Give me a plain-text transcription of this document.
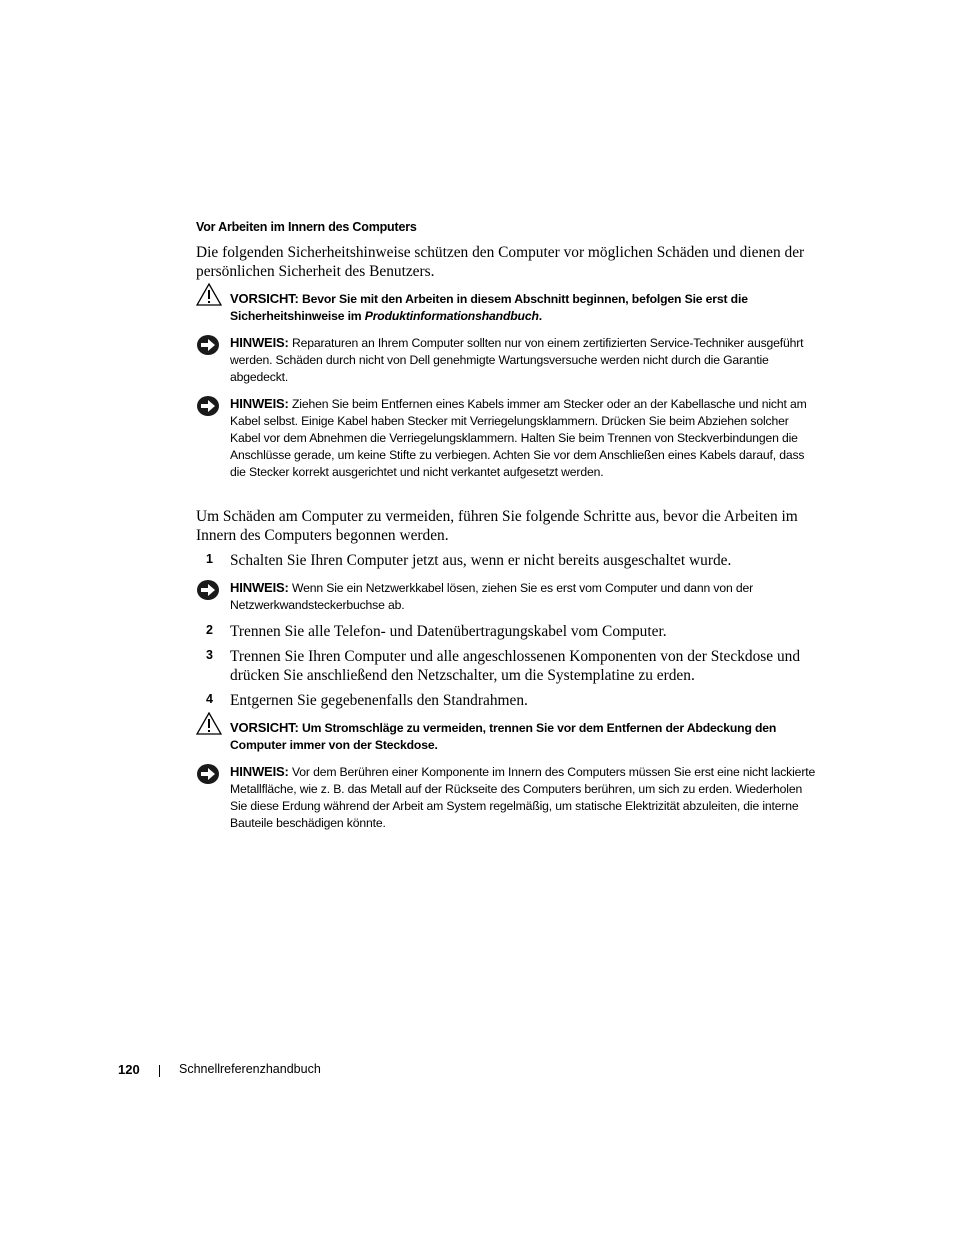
Vor Arbeiten im Innern des Computers
Die folgenden Sicherheitshinweise schützen den Computer vor möglichen Schäden und dienen der persönlichen Sicherheit des Benutzers.
VORSICHT: Bevor Sie mit den Arbeiten in diesem Abschnitt beginnen, befolgen Sie erst die Sicherheitshinweise im Produktinformationshandbuch.
HINWEIS: Reparaturen an Ihrem Computer sollten nur von einem zertifizierten Service-Techniker ausgeführt werden. Schäden durch nicht von Dell genehmigte Wartungsversuche werden nicht durch die Garantie abgedeckt.
HINWEIS: Ziehen Sie beim Entfernen eines Kabels immer am Stecker oder an der Kabellasche und nicht am Kabel selbst. Einige Kabel haben Stecker mit Verriegelungsklammern. Drücken Sie beim Abziehen solcher Kabel vor dem Abnehmen die Verriegelungsklammern. Halten Sie beim Trennen von Steckverbindungen die Anschlüsse gerade, um keine Stifte zu verbiegen. Achten Sie vor dem Anschließen eines Kabels darauf, dass die Stecker korrekt ausgerichtet und nicht verkantet aufgesetzt werden.
Um Schäden am Computer zu vermeiden, führen Sie folgende Schritte aus, bevor die Arbeiten im Innern des Computers begonnen werden.
1 Schalten Sie Ihren Computer jetzt aus, wenn er nicht bereits ausgeschaltet wurde.
HINWEIS: Wenn Sie ein Netzwerkkabel lösen, ziehen Sie es erst vom Computer und dann von der Netzwerkwandsteckerbuchse ab.
2 Trennen Sie alle Telefon- und Datenübertragungskabel vom Computer.
3 Trennen Sie Ihren Computer und alle angeschlossenen Komponenten von der Steckdose und drücken Sie anschließend den Netzschalter, um die Systemplatine zu erden.
4 Entgernen Sie gegebenenfalls den Standrahmen.
VORSICHT: Um Stromschläge zu vermeiden, trennen Sie vor dem Entfernen der Abdeckung den Computer immer von der Steckdose.
HINWEIS: Vor dem Berühren einer Komponente im Innern des Computers müssen Sie erst eine nicht lackierte Metallfläche, wie z. B. das Metall auf der Rückseite des Computers berühren, um sich zu erden. Wiederholen Sie diese Erdung während der Arbeit am System regelmäßig, um statische Elektrizität abzuleiten, die interne Bauteile beschädigen könnte.
120	Schnellreferenzhandbuch
